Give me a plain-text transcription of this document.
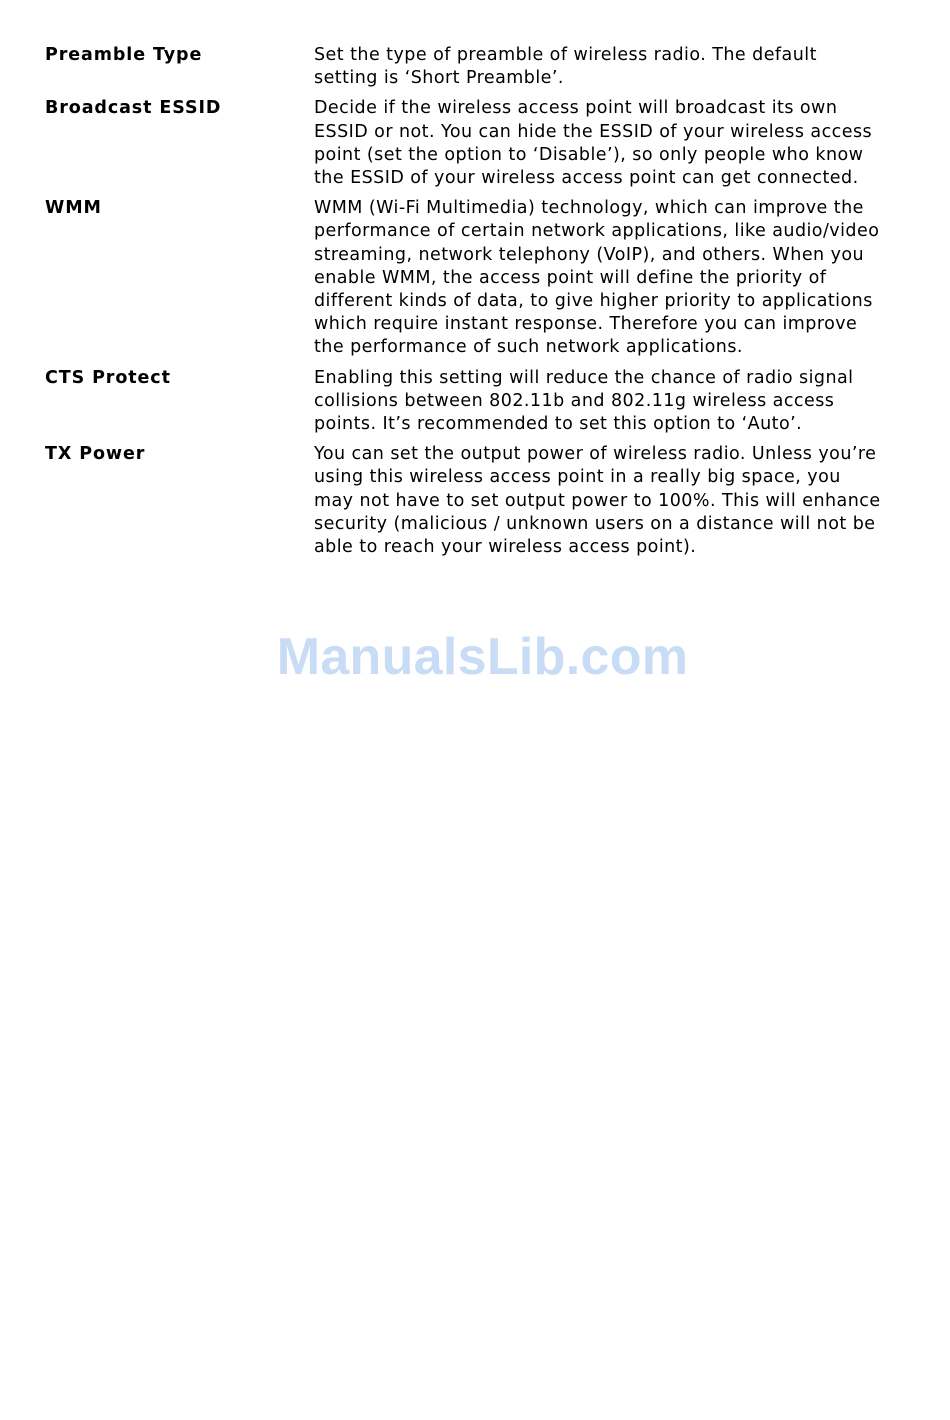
Preamble Type	Set the type of preamble of wireless radio. The default
setting is ‘Short Preamble’.
Broadcast ESSID	Decide if the wireless access point will broadcast its own
ESSID or not. You can hide the ESSID of your wireless access
point (set the option to ‘Disable’), so only people who know
the ESSID of your wireless access point can get connected.
WMM	WMM (Wi-Fi Multimedia) technology, which can improve the
performance of certain network applications, like audio/video
streaming, network telephony (VoIP), and others. When you
enable WMM, the access point will define the priority of
different kinds of data, to give higher priority to applications
which require instant response. Therefore you can improve
the performance of such network applications.
CTS Protect	Enabling this setting will reduce the chance of radio signal
collisions between 802.11b and 802.11g wireless access
points. It’s recommended to set this option to ‘Auto’.
TX Power	You can set the output power of wireless radio. Unless you’re
using this wireless access point in a really big space, you
may not have to set output power to 100%. This will enhance
security (malicious / unknown users on a distance will not be
able to reach your wireless access point).
ManualsLib.com
